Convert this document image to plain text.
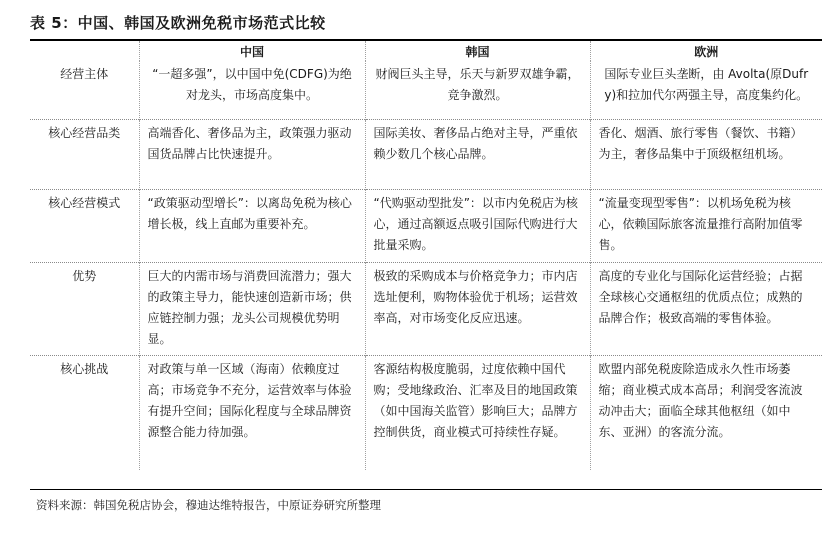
表 5：中国、韩国及欧洲免税市场范式比较
	中国	韩国	欧洲
经营主体	“一超多强”，以中国中免(CDFG)为绝对龙头，市场高度集中。	财阀巨头主导，乐天与新罗双雄争霸，竞争激烈。	国际专业巨头垄断，由 Avolta(原Dufry)和拉加代尔两强主导，高度集约化。
核心经营品类	高端香化、奢侈品为主，政策强力驱动国货品牌占比快速提升。	国际美妆、奢侈品占绝对主导，严重依赖少数几个核心品牌。	香化、烟酒、旅行零售（餐饮、书籍）为主，奢侈品集中于顶级枢纽机场。
核心经营模式	“政策驱动型增长”：以离岛免税为核心增长极，线上直邮为重要补充。	“代购驱动型批发”：以市内免税店为核心，通过高额返点吸引国际代购进行大批量采购。	“流量变现型零售”：以机场免税为核心，依赖国际旅客流量推行高附加值零售。
优势	巨大的内需市场与消费回流潜力；强大的政策主导力，能快速创造新市场；供应链控制力强；龙头公司规模优势明显。	极致的采购成本与价格竞争力；市内店选址便利，购物体验优于机场；运营效率高，对市场变化反应迅速。	高度的专业化与国际化运营经验；占据全球核心交通枢纽的优质点位；成熟的品牌合作；极致高端的零售体验。
核心挑战	对政策与单一区域（海南）依赖度过高；市场竞争不充分，运营效率与体验有提升空间；国际化程度与全球品牌资源整合能力待加强。	客源结构极度脆弱，过度依赖中国代购；受地缘政治、汇率及目的地国政策（如中国海关监管）影响巨大；品牌方控制供货，商业模式可持续性存疑。	欧盟内部免税废除造成永久性市场萎缩；商业模式成本高昂；利润受客流波动冲击大；面临全球其他枢纽（如中东、亚洲）的客流分流。
资料来源：韩国免税店协会，穆迪达维特报告，中原证券研究所整理
